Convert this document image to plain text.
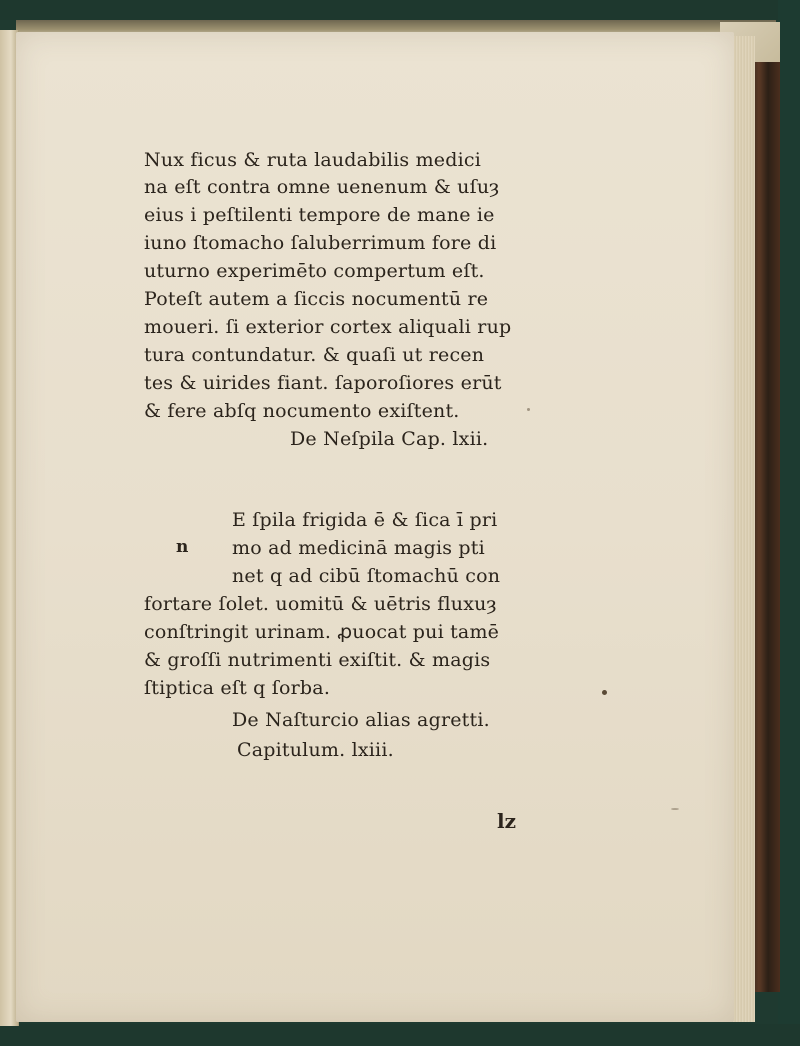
Nux ficus & ruta laudabilis medici
na eſt contra omne uenenum & uſuȝ
eius i peſtilenti tempore de mane ie
iuno ſtomacho ſaluberrimum fore di
uturno experimēto compertum eſt.
Poteſt autem a ſiccis nocumentū re
moueri. ſi exterior cortex aliquali rup
tura contundatur. & quaſi ut recen
tes & uirides fiant. ſaporoſiores erūt
& fere abſq nocumento exiſtent.
De Neſpila Cap. lxii.
n
E ſpila frigida ē & ſica ī pri
mo ad medicinā magis pti
net q ad cibū ſtomachū con
fortare ſolet. uomitū & uētris fluxuȝ
conſtringit urinam. ꝓuocat pui tamē
& groſſi nutrimenti exiſtit. & magis
ſtiptica eſt q ſorba.
De Naſturcio alias agretti.
Capitulum. lxiii.
lz
